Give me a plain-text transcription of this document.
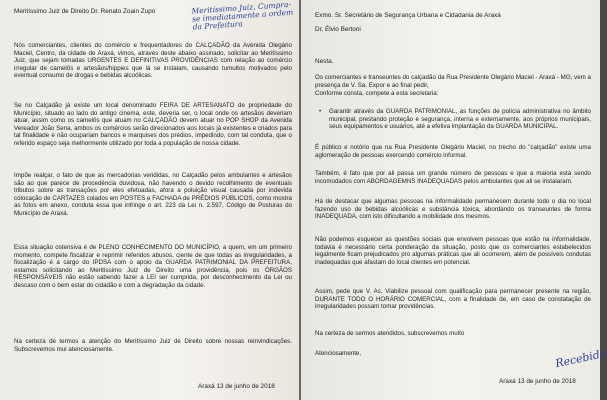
Meritíssimo Juiz de Direito Dr. Renato Zoain Zupo	Meritíssimo Juiz, Cumpra-se imediatamente a ordem da Prefeitura
Nós comerciantes, clientes do comércio e frequentadores do CALÇADÃO da Avenida Olegário Maciel, Centro, da cidade de Araxá, vimos, através deste abaixo assinado, solicitar ao Meritíssimo Juiz, que sejam tomadas URGENTES E DEFINITIVAS PROVIDÊNCIAS com relação ao comércio irregular de camelôs e artesãos/hippies que lá se instalam, causando tumultos motivados pelo eventual consumo de drogas e bebidas alcoólicas.
Se no Calçadão já existe um local denominado FEIRA DE ARTESANATO de propriedade do Município, situado ao lado do antigo cinema, este, deveria ser, o local onde os artesãos deveriam atuar, assim como os camelôs que atuam no CALÇADÃO devem atuar no POP SHOP da Avenida Vereador João Sena, ambos os comércios serão direcionados aos locais já existentes e criados para tal finalidade e não ocupariam bancos e marquises dos prédios, impedindo, com tal conduta, que o referido espaço seja melhormente utilizado por toda a população de nossa cidade.
Impõe realçar, o fato de que as mercadorias vendidas, no Calçadão pelos ambulantes e artesãos são ao que parece de procedência duvidosa, não havendo o devido recolhimento de eventuais tributos sobre as transações por eles efetuadas, afora a poluição visual causada por indevida colocação de CARTAZES colados em POSTES e FACHADA de PRÉDIOS PÚBLICOS, como mostra as fotos em anexo, conduta essa que infringe o art. 223 da Lei n. 2.597, Código de Posturas do Município de Araxá.
Essa situação ostensiva é de PLENO CONHECIMENTO DO MUNICÍPIO, a quem, em um primeiro momento, compete fiscalizar e reprimir referidos abusos, ciente de que todas as irregularidades, a fiscalização é a cargo do IPDSA com o apoio da GUARDA PATRIMONIAL DA PREFEITURA, estamos solicitando ao Meritíssimo Juiz de Direito uma providência, pois os ÓRGÃOS RESPONSÁVEIS não estão sabendo fazer a LEI ser cumprida, por desconhecimento da Lei ou descaso com o bem estar do cidadão e com a degradação da cidade.
Na certeza de termos a atenção do Meritíssimo Juiz de Direito sobre nossas reinvindicações. Subscrevemos mui atenciosamente.
Araxá 13 de junho de 2018
Exmo. Sr. Secretário de Segurança Urbana e Cidadania de Araxá
Dr. Élvio Bertoni
Nesta.
Os comerciantes e transeuntes do calçadão da Rua Presidente Olegário Maciel - Araxá - MG, vem a presença de V. Sa. Expor e ao final pedir,
Conforme consta, compete a esta secretaria:
• Garantir através da GUARDA PATRIMONIAL, as funções de polícia administrativa no âmbito municipal, prestando proteção e segurança, interna e externamente, aos próprios municipais, seus equipamentos e usuários, até a efetiva implantação da GUARDA MUNICIPAL.
É público e notório que na Rua Presidente Olegário Maciel, no trecho do "calçadão" existe uma aglomeração de pessoas exercendo comércio informal.
Também, é fato que por ali passa um grande número de pessoas e que a maioria está sendo incomodados com ABORDAGEMNS INADEQUADAS pelos ambulantes que ali se instalaram.
Há de destacar que algumas pessoas na informalidade permanecem durante todo o dia no local fazendo uso de bebidas alcoólicas e substância tóxica, abordando os transeuntes de forma INADEQUADA, com isto dificultando a mobilidade dos mesmos.
Não podemos esquecer as questões sociais que envolvem pessoas que estão na informalidade, todavia é necessário certa ponderação da situação, posto que os comerciantes estabelecidos legalmente ficam prejudicados pro algumas práticas que ali ocorrerem, além de possíveis condutas inadequadas que afastam do local clientes em potencial.
Assim, pede que V. As. Viabilize pessoal com qualificação para permanecer presente na região, DURANTE TODO O HORÁRIO COMERCIAL, com a finalidade de, em caso de constatação de irregularidades possam tomar providências.
Na certeza de sermos atendidos, subscrevemos muito
Atenciosamente,
Araxá 13 de junho de 2018
Recebido
